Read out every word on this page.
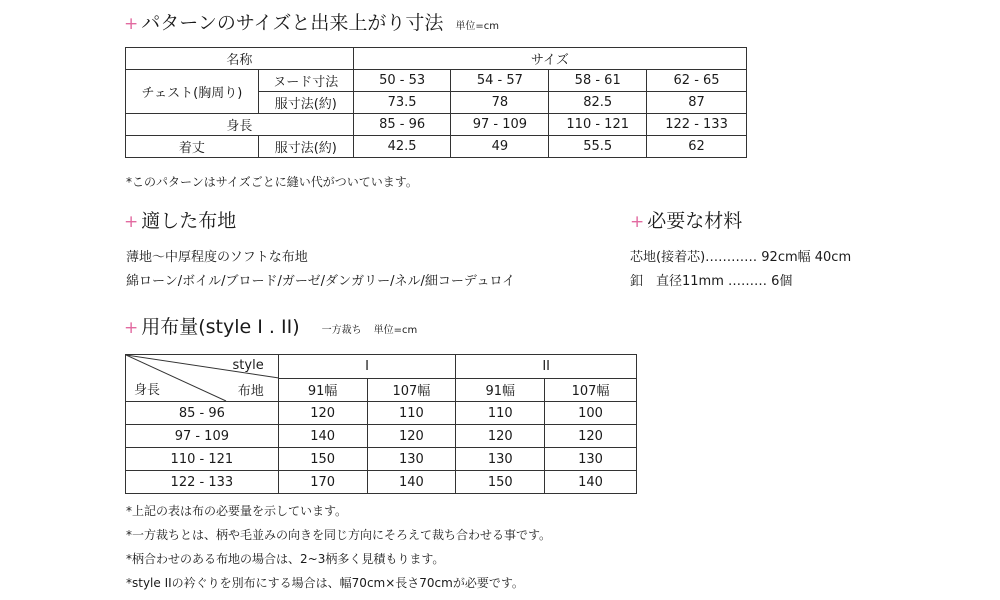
+ パターンのサイズと出来上がり寸法 単位=cm
名称		サイズ			
チェスト(胸周り)	ヌード寸法	50 - 53	54 - 57	58 - 61	62 - 65
	服寸法(約)	73.5	78	82.5	87
身長		85 - 96	97 - 109	110 - 121	122 - 133
着丈	服寸法(約)	42.5	49	55.5	62
*このパターンはサイズごとに縫い代がついています。
+ 適した布地
薄地〜中厚程度のソフトな布地
綿ローン/ボイル/ブロード/ガーゼ/ダンガリー/ネル/細コーデュロイ
+ 必要な材料
芯地(接着芯)………… 92cm幅 40cm
釦　直径11mm ……… 6個
+ 用布量(style I . II) 一方裁ち 単位=cm
style
身長 布地	I		II	
	91幅	107幅	91幅	107幅
85 - 96	120	110	110	100
97 - 109	140	120	120	120
110 - 121	150	130	130	130
122 - 133	170	140	150	140
*上記の表は布の必要量を示しています。
*一方裁ちとは、柄や毛並みの向きを同じ方向にそろえて裁ち合わせる事です。
*柄合わせのある布地の場合は、2~3柄多く見積もります。
*style IIの衿ぐりを別布にする場合は、幅70cm×長さ70cmが必要です。
